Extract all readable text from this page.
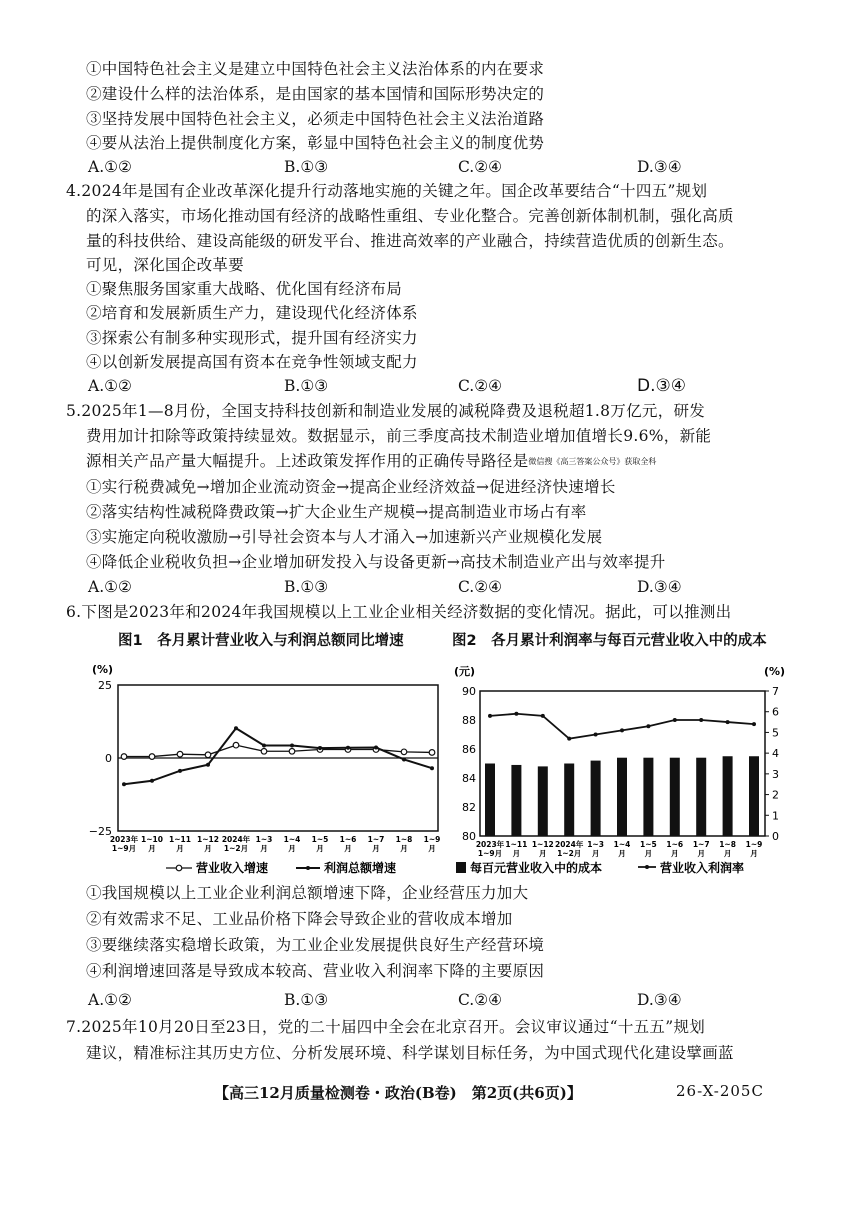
①中国特色社会主义是建立中国特色社会主义法治体系的内在要求
②建设什么样的法治体系，是由国家的基本国情和国际形势决定的
③坚持发展中国特色社会主义，必须走中国特色社会主义法治道路
④要从法治上提供制度化方案，彰显中国特色社会主义的制度优势
A.①②	B.①③	C.②④	D.③④
4.2024年是国有企业改革深化提升行动落地实施的关键之年。国企改革要结合“十四五”规划
的深入落实，市场化推动国有经济的战略性重组、专业化整合。完善创新体制机制，强化高质
量的科技供给、建设高能级的研发平台、推进高效率的产业融合，持续营造优质的创新生态。
可见，深化国企改革要
①聚焦服务国家重大战略、优化国有经济布局
②培育和发展新质生产力，建设现代化经济体系
③探索公有制多种实现形式，提升国有经济实力
④以创新发展提高国有资本在竞争性领域支配力
A.①②	B.①③	C.②④	D.③④
5.2025年1—8月份，全国支持科技创新和制造业发展的减税降费及退税超1.8万亿元，研发
费用加计扣除等政策持续显效。数据显示，前三季度高技术制造业增加值增长9.6%，新能
源相关产品产量大幅提升。上述政策发挥作用的正确传导路径是微信搜《高三答案公众号》获取全科
①实行税费减免→增加企业流动资金→提高企业经济效益→促进经济快速增长
②落实结构性减税降费政策→扩大企业生产规模→提高制造业市场占有率
③实施定向税收激励→引导社会资本与人才涌入→加速新兴产业规模化发展
④降低企业税收负担→企业增加研发投入与设备更新→高技术制造业产出与效率提升
A.①②	B.①③	C.②④	D.③④
6.下图是2023年和2024年我国规模以上工业企业相关经济数据的变化情况。据此，可以推测出
图1　各月累计营业收入与利润总额同比增速	图2　各月累计利润率与每百元营业收入中的成本
(%)
25
0
−25
2023年
1~9月
1~10
月
1~11
月
1~12
月
2024年
1~2月
1~3
月
1~4
月
1~5
月
1~6
月
1~7
月
1~8
月
1~9
月
营业收入增速	利润总额增速
(元)	(%)
80
82
84
86
88
90
0
1
2
3
4
5
6
7
2023年
1~9月
1~11
月
1~12
月
2024年
1~2月
1~3
月
1~4
月
1~5
月
1~6
月
1~7
月
1~8
月
1~9
月
每百元营业收入中的成本	营业收入利润率
①我国规模以上工业企业利润总额增速下降，企业经营压力加大
②有效需求不足、工业品价格下降会导致企业的营收成本增加
③要继续落实稳增长政策，为工业企业发展提供良好生产经营环境
④利润增速回落是导致成本较高、营业收入利润率下降的主要原因
A.①②	B.①③	C.②④	D.③④
7.2025年10月20日至23日，党的二十届四中全会在北京召开。会议审议通过“十五五”规划
建议，精准标注其历史方位、分析发展环境、科学谋划目标任务，为中国式现代化建设擘画蓝
【高三12月质量检测卷・政治(B卷)　第2页(共6页)】	26-X-205C
